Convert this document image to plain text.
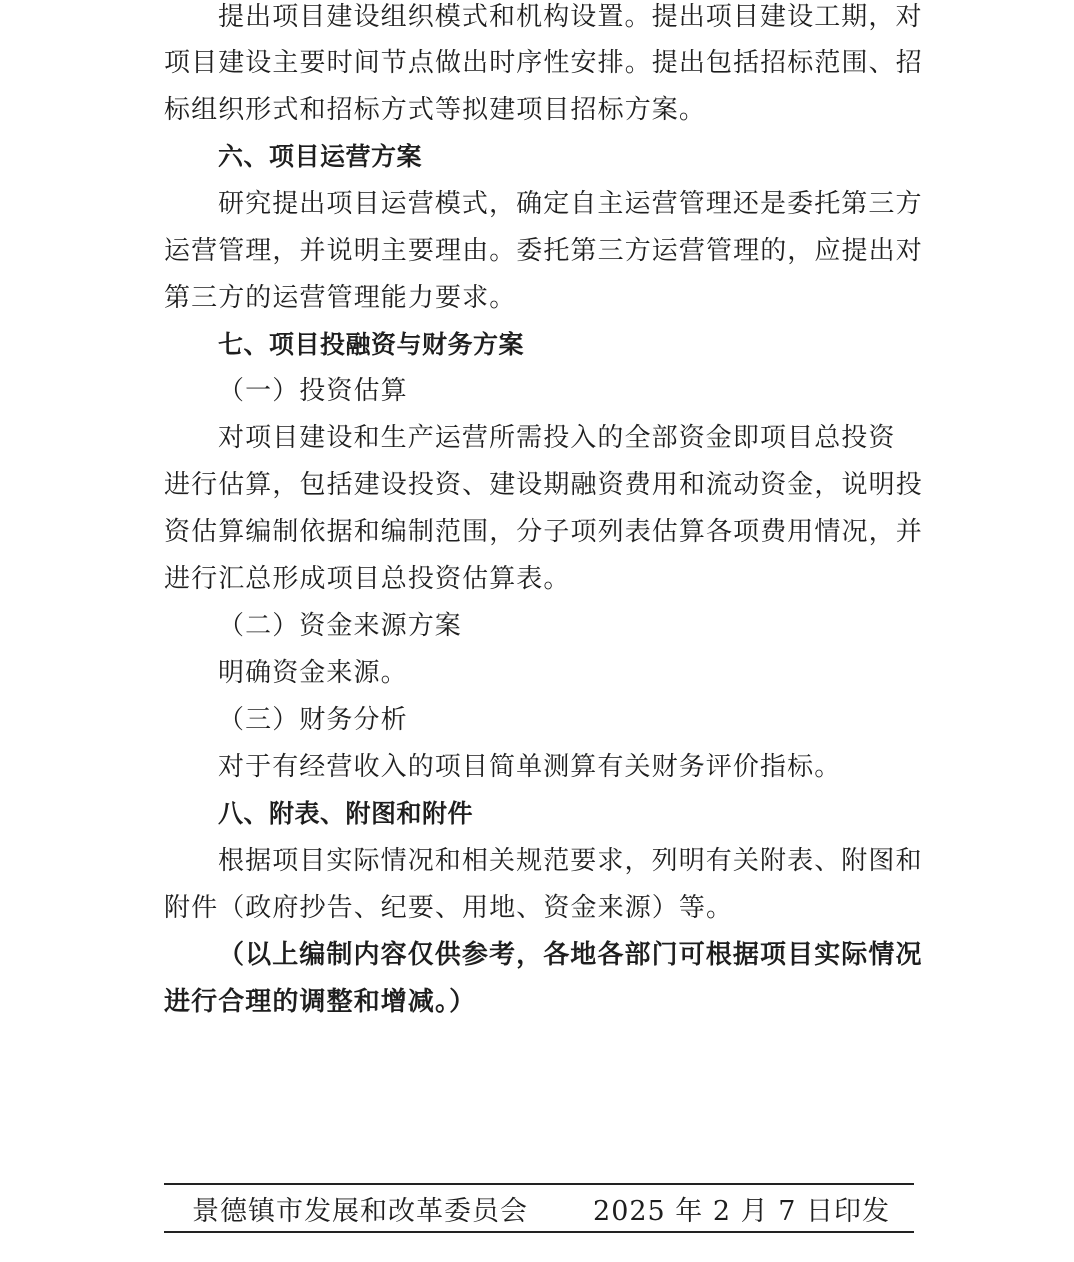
提出项目建设组织模式和机构设置。提出项目建设工期，对
项目建设主要时间节点做出时序性安排。提出包括招标范围、招
标组织形式和招标方式等拟建项目招标方案。
六、项目运营方案
研究提出项目运营模式，确定自主运营管理还是委托第三方
运营管理，并说明主要理由。委托第三方运营管理的，应提出对
第三方的运营管理能力要求。
七、项目投融资与财务方案
（一）投资估算
对项目建设和生产运营所需投入的全部资金即项目总投资
进行估算，包括建设投资、建设期融资费用和流动资金，说明投
资估算编制依据和编制范围，分子项列表估算各项费用情况，并
进行汇总形成项目总投资估算表。
（二）资金来源方案
明确资金来源。
（三）财务分析
对于有经营收入的项目简单测算有关财务评价指标。
八、附表、附图和附件
根据项目实际情况和相关规范要求，列明有关附表、附图和
附件（政府抄告、纪要、用地、资金来源）等。
（以上编制内容仅供参考，各地各部门可根据项目实际情况
进行合理的调整和增减。）
景德镇市发展和改革委员会 2025 年 2 月 7 日印发
